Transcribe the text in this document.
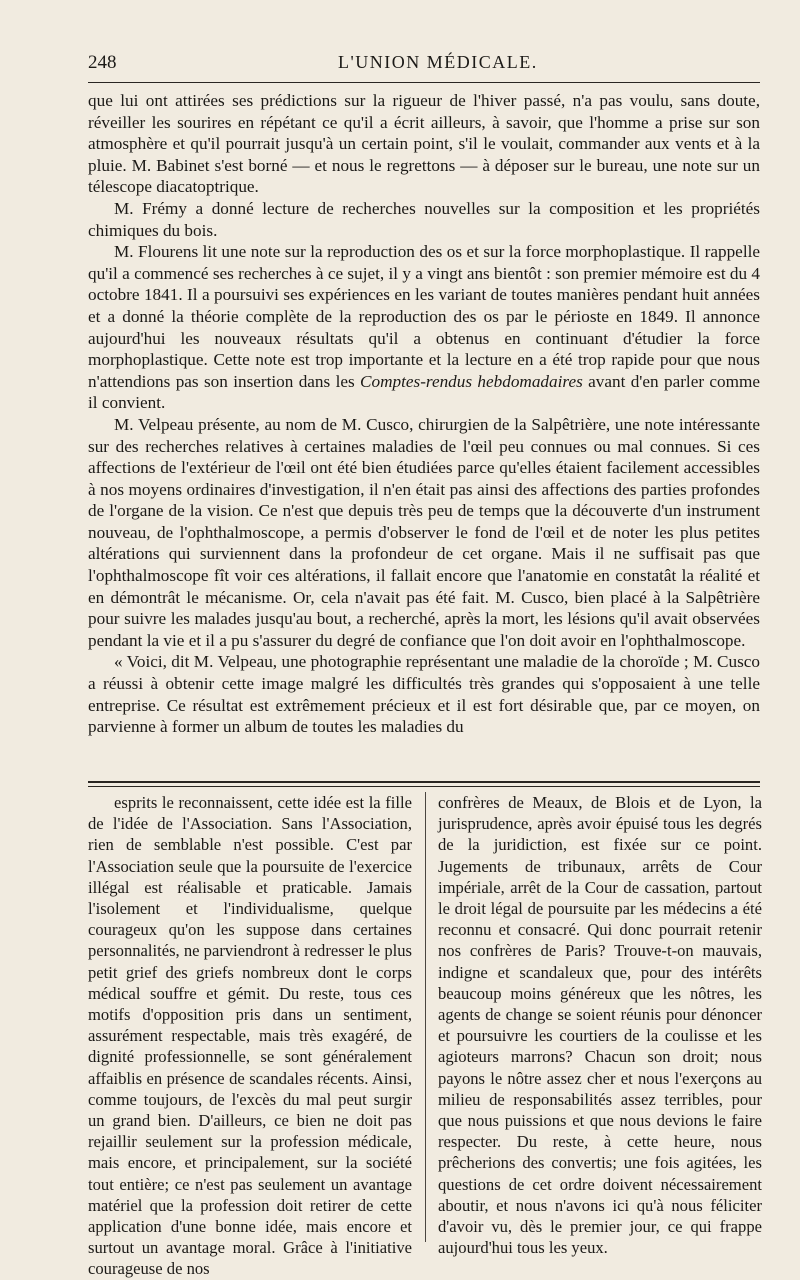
248	L'UNION MÉDICALE.

que lui ont attirées ses prédictions sur la rigueur de l'hiver passé, n'a pas voulu, sans doute, réveiller les sourires en répétant ce qu'il a écrit ailleurs, à savoir, que l'homme a prise sur son atmosphère et qu'il pourrait jusqu'à un certain point, s'il le voulait, commander aux vents et à la pluie. M. Babinet s'est borné — et nous le regrettons — à déposer sur le bureau, une note sur un télescope diacatoptrique.

M. Frémy a donné lecture de recherches nouvelles sur la composition et les propriétés chimiques du bois.

M. Flourens lit une note sur la reproduction des os et sur la force morphoplastique. Il rappelle qu'il a commencé ses recherches à ce sujet, il y a vingt ans bientôt : son premier mémoire est du 4 octobre 1841. Il a poursuivi ses expériences en les variant de toutes manières pendant huit années et a donné la théorie complète de la reproduction des os par le périoste en 1849. Il annonce aujourd'hui les nouveaux résultats qu'il a obtenus en continuant d'étudier la force morphoplastique. Cette note est trop importante et la lecture en a été trop rapide pour que nous n'attendions pas son insertion dans les Comptes-rendus hebdomadaires avant d'en parler comme il convient.

M. Velpeau présente, au nom de M. Cusco, chirurgien de la Salpêtrière, une note intéressante sur des recherches relatives à certaines maladies de l'œil peu connues ou mal connues. Si ces affections de l'extérieur de l'œil ont été bien étudiées parce qu'elles étaient facilement accessibles à nos moyens ordinaires d'investigation, il n'en était pas ainsi des affections des parties profondes de l'organe de la vision. Ce n'est que depuis très peu de temps que la découverte d'un instrument nouveau, de l'ophthalmoscope, a permis d'observer le fond de l'œil et de noter les plus petites altérations qui surviennent dans la profondeur de cet organe. Mais il ne suffisait pas que l'ophthalmoscope fît voir ces altérations, il fallait encore que l'anatomie en constatât la réalité et en démontrât le mécanisme. Or, cela n'avait pas été fait. M. Cusco, bien placé à la Salpêtrière pour suivre les malades jusqu'au bout, a recherché, après la mort, les lésions qu'il avait observées pendant la vie et il a pu s'assurer du degré de confiance que l'on doit avoir en l'ophthalmoscope.

« Voici, dit M. Velpeau, une photographie représentant une maladie de la choroïde ; M. Cusco a réussi à obtenir cette image malgré les difficultés très grandes qui s'opposaient à une telle entreprise. Ce résultat est extrêmement précieux et il est fort désirable que, par ce moyen, on parvienne à former un album de toutes les maladies du

esprits le reconnaissent, cette idée est la fille de l'idée de l'Association. Sans l'Association, rien de semblable n'est possible. C'est par l'Association seule que la poursuite de l'exercice illégal est réalisable et praticable. Jamais l'isolement et l'individualisme, quelque courageux qu'on les suppose dans certaines personnalités, ne parviendront à redresser le plus petit grief des griefs nombreux dont le corps médical souffre et gémit. Du reste, tous ces motifs d'opposition pris dans un sentiment, assurément respectable, mais très exagéré, de dignité professionnelle, se sont généralement affaiblis en présence de scandales récents. Ainsi, comme toujours, de l'excès du mal peut surgir un grand bien. D'ailleurs, ce bien ne doit pas rejaillir seulement sur la profession médicale, mais encore, et principalement, sur la société tout entière; ce n'est pas seulement un avantage matériel que la profession doit retirer de cette application d'une bonne idée, mais encore et surtout un avantage moral. Grâce à l'initiative courageuse de nos

confrères de Meaux, de Blois et de Lyon, la jurisprudence, après avoir épuisé tous les degrés de la juridiction, est fixée sur ce point. Jugements de tribunaux, arrêts de Cour impériale, arrêt de la Cour de cassation, partout le droit légal de poursuite par les médecins a été reconnu et consacré. Qui donc pourrait retenir nos confrères de Paris? Trouve-t-on mauvais, indigne et scandaleux que, pour des intérêts beaucoup moins généreux que les nôtres, les agents de change se soient réunis pour dénoncer et poursuivre les courtiers de la coulisse et les agioteurs marrons? Chacun son droit; nous payons le nôtre assez cher et nous l'exerçons au milieu de responsabilités assez terribles, pour que nous puissions et que nous devions le faire respecter. Du reste, à cette heure, nous prêcherions des convertis; une fois agitées, les questions de cet ordre doivent nécessairement aboutir, et nous n'avons ici qu'à nous féliciter d'avoir vu, dès le premier jour, ce qui frappe aujourd'hui tous les yeux.
